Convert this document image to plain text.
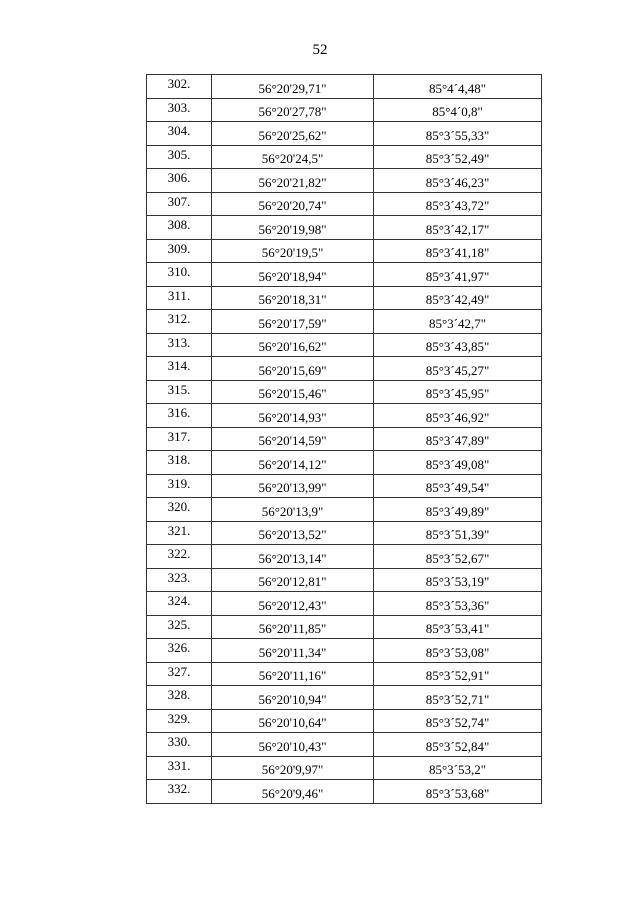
52
302.	56°20'29,71"	85°4´4,48"
303.	56°20'27,78"	85°4´0,8"
304.	56°20'25,62"	85°3´55,33"
305.	56°20'24,5"	85°3´52,49"
306.	56°20'21,82"	85°3´46,23"
307.	56°20'20,74"	85°3´43,72"
308.	56°20'19,98"	85°3´42,17"
309.	56°20'19,5"	85°3´41,18"
310.	56°20'18,94"	85°3´41,97"
311.	56°20'18,31"	85°3´42,49"
312.	56°20'17,59"	85°3´42,7"
313.	56°20'16,62"	85°3´43,85"
314.	56°20'15,69"	85°3´45,27"
315.	56°20'15,46"	85°3´45,95"
316.	56°20'14,93"	85°3´46,92"
317.	56°20'14,59"	85°3´47,89"
318.	56°20'14,12"	85°3´49,08"
319.	56°20'13,99"	85°3´49,54"
320.	56°20'13,9"	85°3´49,89"
321.	56°20'13,52"	85°3´51,39"
322.	56°20'13,14"	85°3´52,67"
323.	56°20'12,81"	85°3´53,19"
324.	56°20'12,43"	85°3´53,36"
325.	56°20'11,85"	85°3´53,41"
326.	56°20'11,34"	85°3´53,08"
327.	56°20'11,16"	85°3´52,91"
328.	56°20'10,94"	85°3´52,71"
329.	56°20'10,64"	85°3´52,74"
330.	56°20'10,43"	85°3´52,84"
331.	56°20'9,97"	85°3´53,2"
332.	56°20'9,46"	85°3´53,68"
